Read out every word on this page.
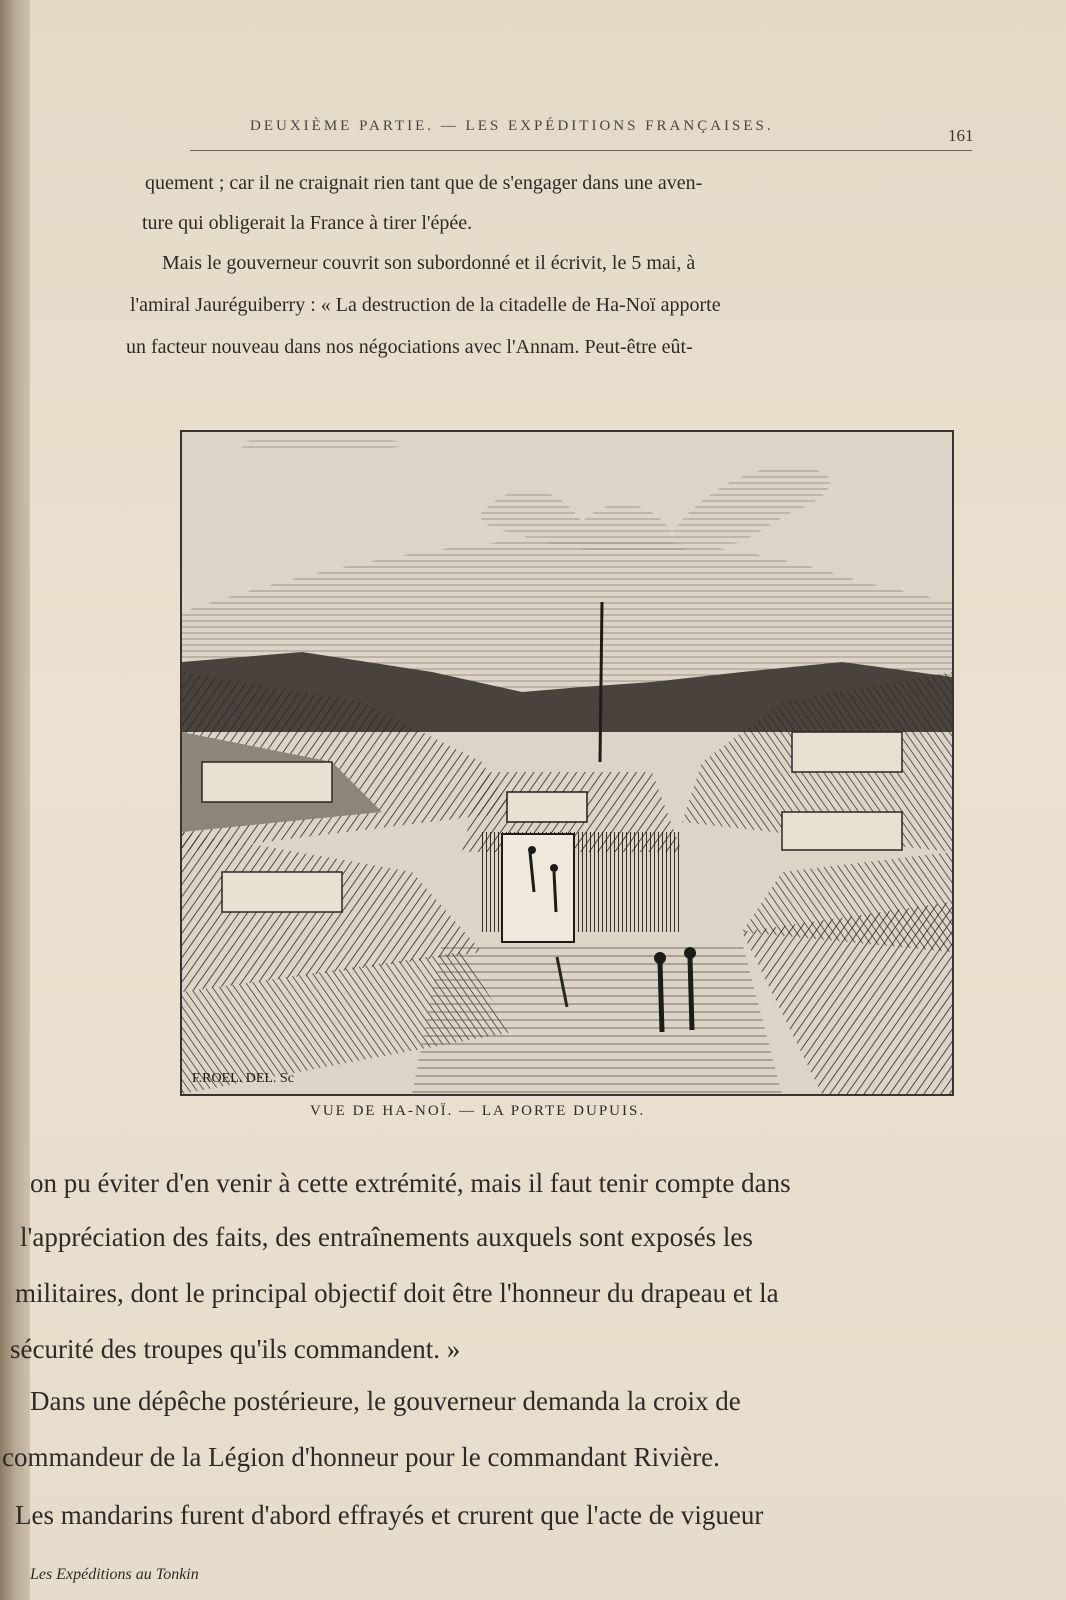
DEUXIÈME PARTIE. — LES EXPÉDITIONS FRANÇAISES.	161
quement ; car il ne craignait rien tant que de s'engager dans une aven-
ture qui obligerait la France à tirer l'épée.
Mais le gouverneur couvrit son subordonné et il écrivit, le 5 mai, à
l'amiral Jauréguiberry : « La destruction de la citadelle de Ha-Noï apporte
un facteur nouveau dans nos négociations avec l'Annam. Peut-être eût-
F.ROEL. DEL. Sc
VUE DE HA-NOÏ. — LA PORTE DUPUIS.
on pu éviter d'en venir à cette extrémité, mais il faut tenir compte dans
l'appréciation des faits, des entraînements auxquels sont exposés les
militaires, dont le principal objectif doit être l'honneur du drapeau et la
sécurité des troupes qu'ils commandent. »
Dans une dépêche postérieure, le gouverneur demanda la croix de
commandeur de la Légion d'honneur pour le commandant Rivière.
Les mandarins furent d'abord effrayés et crurent que l'acte de vigueur
Les Expéditions au Tonkin
